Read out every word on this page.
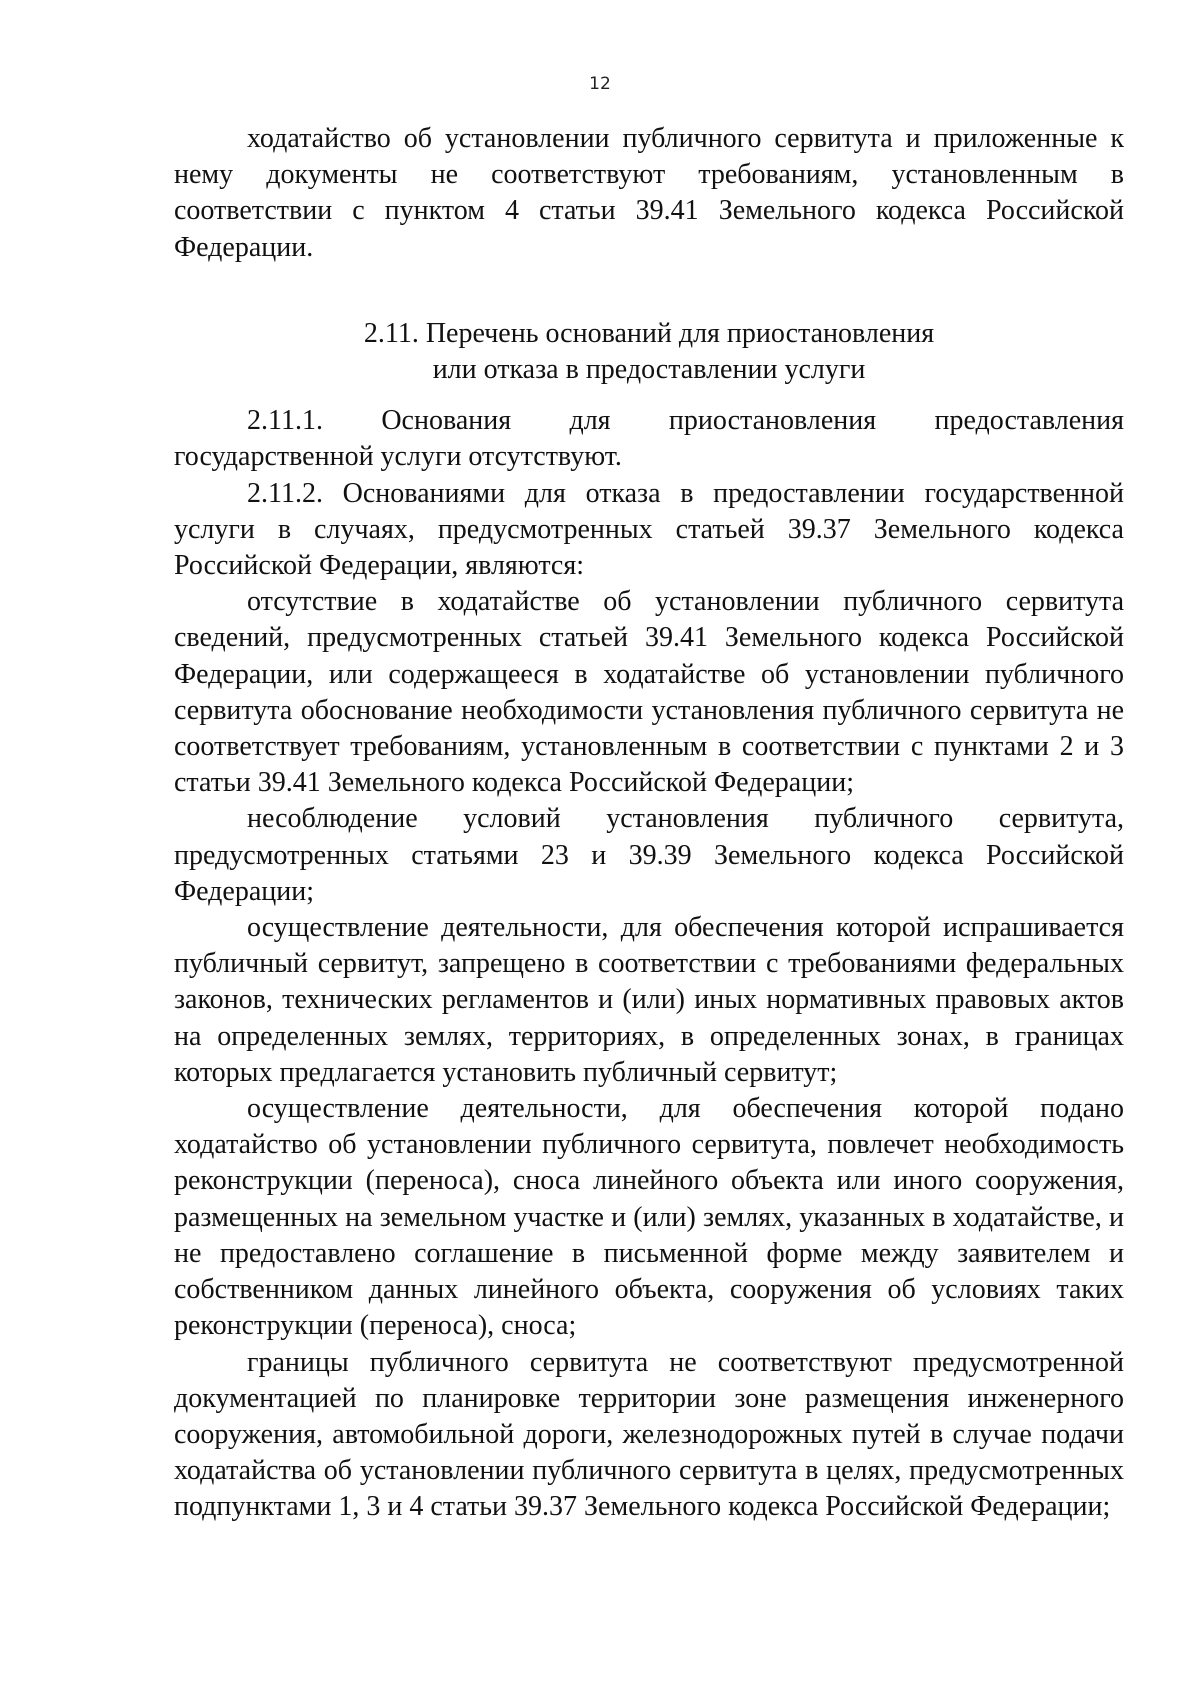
12

ходатайство об установлении публичного сервитута и приложенные к нему документы не соответствуют требованиям, установленным в соответствии с пунктом 4 статьи 39.41 Земельного кодекса Российской Федерации.

2.11. Перечень оснований для приостановления
или отказа в предоставлении услуги

2.11.1. Основания для приостановления предоставления государственной услуги отсутствуют.

2.11.2. Основаниями для отказа в предоставлении государственной услуги в случаях, предусмотренных статьей 39.37 Земельного кодекса Российской Федерации, являются:

отсутствие в ходатайстве об установлении публичного сервитута сведений, предусмотренных статьей 39.41 Земельного кодекса Российской Федерации, или содержащееся в ходатайстве об установлении публичного сервитута обоснование необходимости установления публичного сервитута не соответствует требованиям, установленным в соответствии с пунктами 2 и 3 статьи 39.41 Земельного кодекса Российской Федерации;

несоблюдение условий установления публичного сервитута, предусмотренных статьями 23 и 39.39 Земельного кодекса Российской Федерации;

осуществление деятельности, для обеспечения которой испрашивается публичный сервитут, запрещено в соответствии с требованиями федеральных законов, технических регламентов и (или) иных нормативных правовых актов на определенных землях, территориях, в определенных зонах, в границах которых предлагается установить публичный сервитут;

осуществление деятельности, для обеспечения которой подано ходатайство об установлении публичного сервитута, повлечет необходимость реконструкции (переноса), сноса линейного объекта или иного сооружения, размещенных на земельном участке и (или) землях, указанных в ходатайстве, и не предоставлено соглашение в письменной форме между заявителем и собственником данных линейного объекта, сооружения об условиях таких реконструкции (переноса), сноса;

границы публичного сервитута не соответствуют предусмотренной документацией по планировке территории зоне размещения инженерного сооружения, автомобильной дороги, железнодорожных путей в случае подачи ходатайства об установлении публичного сервитута в целях, предусмотренных подпунктами 1, 3 и 4 статьи 39.37 Земельного кодекса Российской Федерации;
